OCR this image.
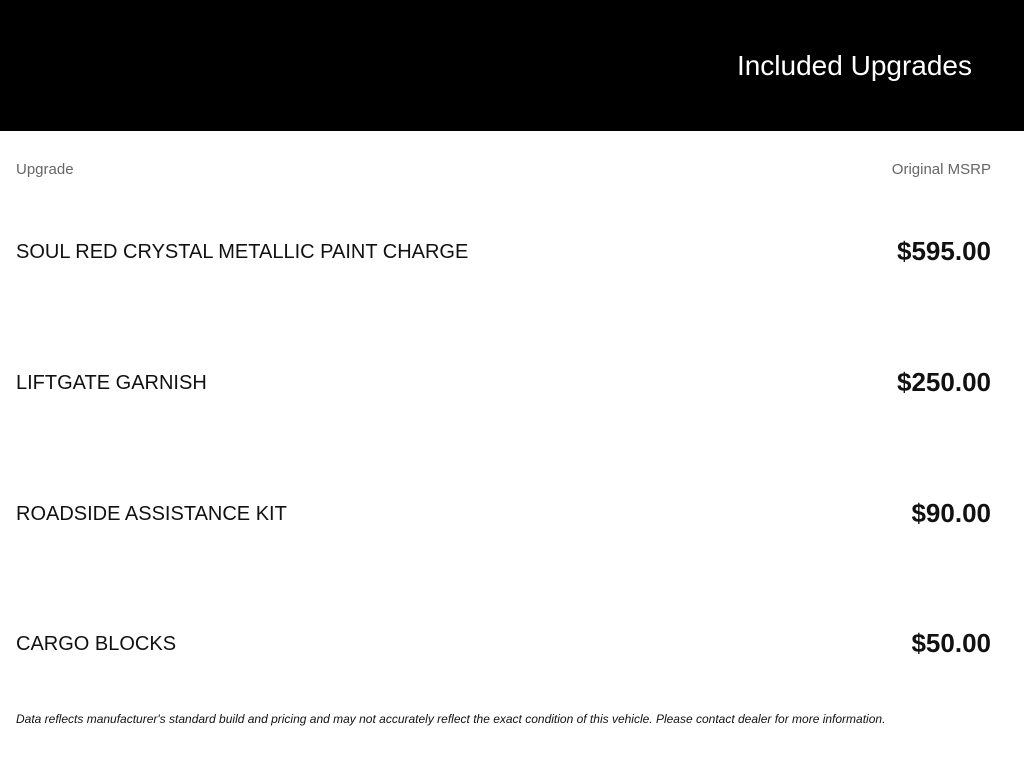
Included Upgrades
Upgrade	Original MSRP
SOUL RED CRYSTAL METALLIC PAINT CHARGE	$595.00
LIFTGATE GARNISH	$250.00
ROADSIDE ASSISTANCE KIT	$90.00
CARGO BLOCKS	$50.00
Data reflects manufacturer's standard build and pricing and may not accurately reflect the exact condition of this vehicle. Please contact dealer for more information.
